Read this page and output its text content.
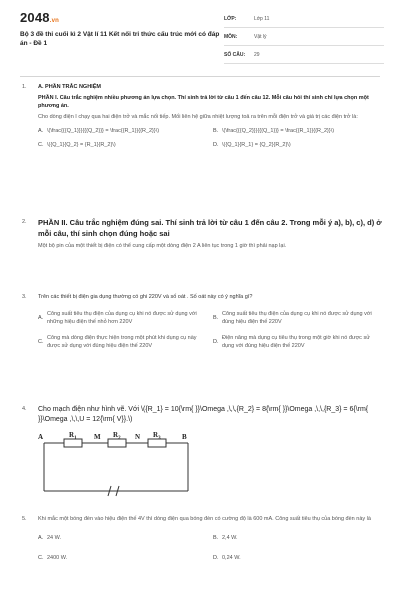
2048.vn
Bộ 3 đề thi cuối kì 2 Vật lí 11 Kết nối tri thức cấu trúc mới có đáp án - Đề 1
LỚP:	Lớp 11
MÔN:	Vật lý
SỐ CÂU:	29
1.	A. PHẦN TRẮC NGHIỆM
PHẦN I. Câu trắc nghiệm nhiều phương án lựa chọn. Thí sinh trả lời từ câu 1 đến câu 12. Mỗi câu hỏi thí sinh chỉ lựa chọn một phương án.
Cho dòng điện I chạy qua hai điện trở và mắc nối tiếp. Mối liên hệ giữa nhiệt lượng toả ra trên mỗi điện trở và giá trị các điện trở là:
A. \(\frac{{{Q_1}}}{{{Q_2}}} = \frac{{R_1}}{{R_2}}\)	B. \(\frac{{{Q_2}}}{{{Q_1}}} = \frac{{R_1}}{{R_2}}\)
C. \({Q_1}{Q_2} = {R_1}{R_2}\)	D. \({Q_1}{R_1} = {Q_2}{R_2}\)
2.	PHẦN II. Câu trắc nghiệm đúng sai. Thí sinh trả lời từ câu 1 đến câu 2. Trong mỗi ý a), b), c), d) ở mỗi câu, thí sinh chọn đúng hoặc sai
Một bộ pin của một thiết bị điện có thể cung cấp một dòng điện 2 A liên tục trong 1 giờ thì phải nạp lại.
3.	Trên các thiết bị điện gia dụng thường có ghi 220V và số oát . Số oát này có ý nghĩa gì?
A.
Công suất tiêu thụ điện của dụng cụ khi nó được sử dụng với những hiệu điện thế nhỏ hơn 220V
B.
Công suất tiêu thụ điện của dụng cụ khi nó được sử dụng với đúng hiệu điện thế 220V
C.
Công mà dòng điện thực hiện trong một phút khi dụng cụ này được sử dụng với đúng hiệu điện thế 220V
D.
Điện năng mà dụng cụ tiêu thụ trong một giờ khi nó được sử dụng với đúng hiệu điện thế 220V
4.	Cho mạch điện như hình vẽ. Với \({R_1} = 10{\rm{ }}\Omega ,\,\,{R_2} = 8{\rm{ }}\Omega ,\,\,{R_3} = 6{\rm{ }}\Omega ,\,\,U = 12{\rm{ V}}.\)
A	M	N	B
$R_1$	$R_2$	$R_3$
5.	Khi mắc một bóng đèn vào hiệu điện thế 4V thì dòng điện qua bóng đèn có cường độ là 600 mA. Công suất tiêu thụ của bóng đèn này là
A. 24 W.	B. 2,4 W.
C. 2400 W.	D. 0,24 W.
